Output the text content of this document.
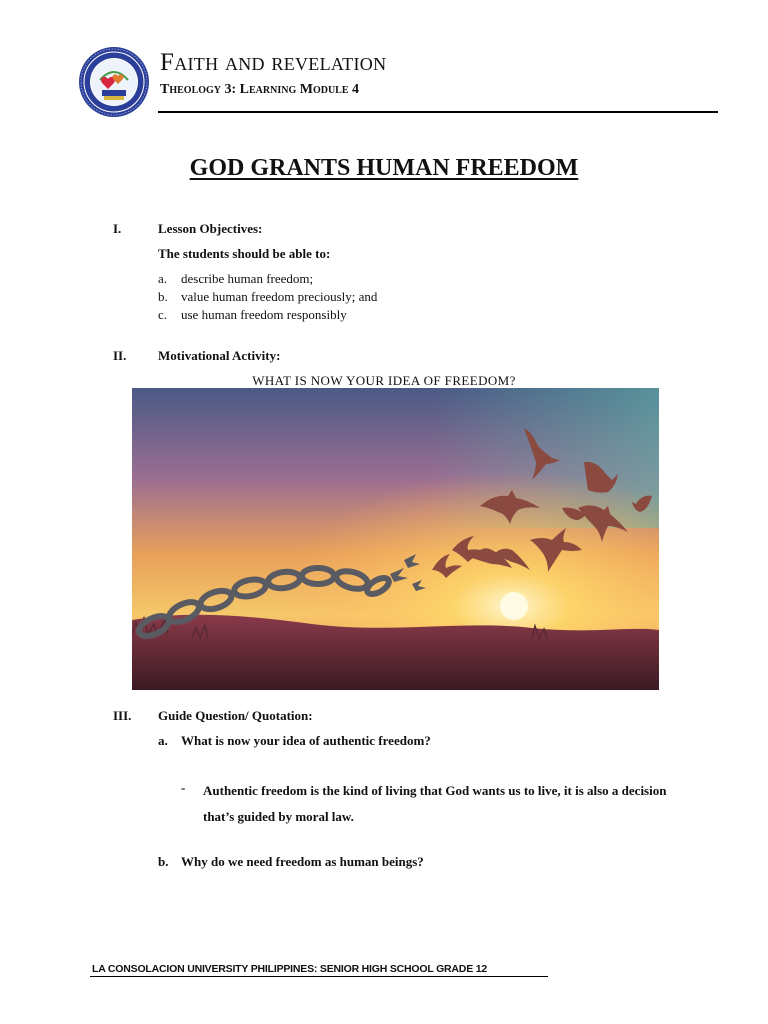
Faith and revelation
Theology 3: Learning Module 4
GOD GRANTS HUMAN FREEDOM
I.	Lesson Objectives:
The students should be able to:
a. describe human freedom;
b. value human freedom preciously; and
c. use human freedom responsibly
II. Motivational Activity:
WHAT IS NOW YOUR IDEA OF FREEDOM?
III. Guide Question/ Quotation:
a. What is now your idea of authentic freedom?
- Authentic freedom is the kind of living that God wants us to live, it is also a decision that’s guided by moral law.
b. Why do we need freedom as human beings?
LA CONSOLACION UNIVERSITY PHILIPPINES: SENIOR HIGH SCHOOL GRADE 12
